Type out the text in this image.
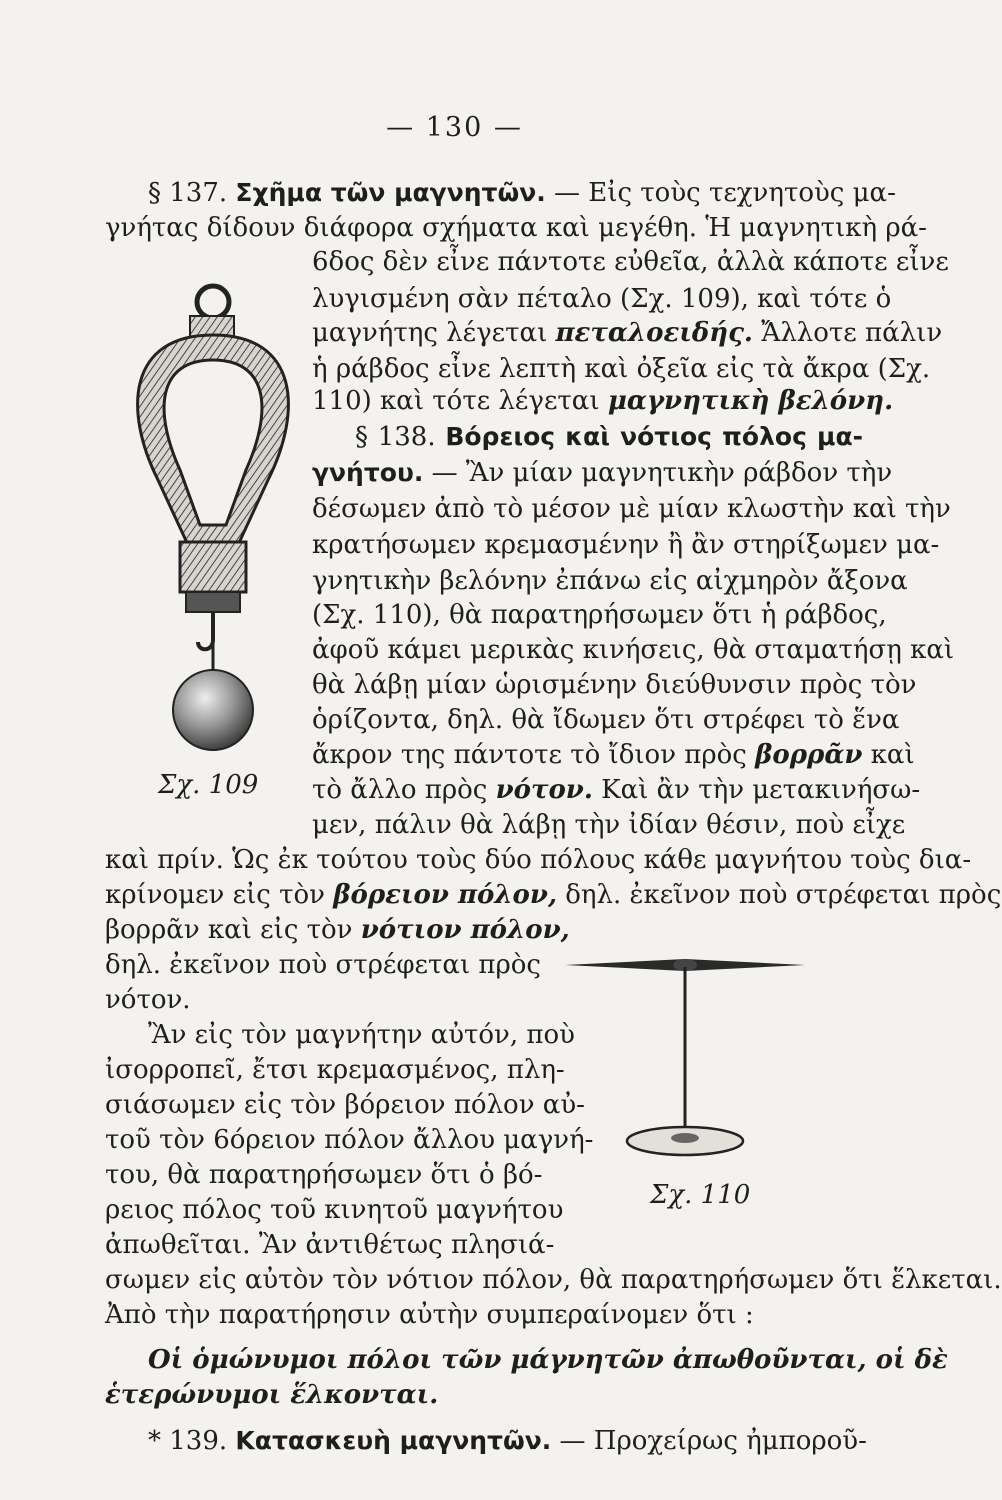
— 130 —
§ 137. Σχῆμα τῶν μαγνητῶν. — Εἰς τοὺς τεχνητοὺς μα-
γνήτας δίδουν διάφορα σχήματα καὶ μεγέθη. Ἡ μαγνητικὴ ρά-
6δος δὲν εἶνε πάντοτε εὐθεῖα, ἀλλὰ κάποτε εἶνε
λυγισμένη σὰν πέταλο (Σχ. 109), καὶ τότε ὁ
μαγνήτης λέγεται πεταλοειδής. Ἄλλοτε πάλιν
ἡ ράβδος εἶνε λεπτὴ καὶ ὀξεῖα εἰς τὰ ἄκρα (Σχ.
110) καὶ τότε λέγεται μαγνητικὴ βελόνη.
§ 138. Βόρειος καὶ νότιος πόλος μα-
γνήτου. — Ἂν μίαν μαγνητικὴν ράβδον τὴν
δέσωμεν ἀπὸ τὸ μέσον μὲ μίαν κλωστὴν καὶ τὴν
κρατήσωμεν κρεμασμένην ἢ ἂν στηρίξωμεν μα-
γνητικὴν βελόνην ἐπάνω εἰς αἰχμηρὸν ἄξονα
(Σχ. 110), θὰ παρατηρήσωμεν ὅτι ἡ ράβδος,
ἀφοῦ κάμει μερικὰς κινήσεις, θὰ σταματήσῃ καὶ
θὰ λάβῃ μίαν ὡρισμένην διεύθυνσιν πρὸς τὸν
ὁρίζοντα, δηλ. θὰ ἴδωμεν ὅτι στρέφει τὸ ἕνα
ἄκρον της πάντοτε τὸ ἴδιον πρὸς βορρᾶν καὶ
τὸ ἄλλο πρὸς νότον. Καὶ ἂν τὴν μετακινήσω-
μεν, πάλιν θὰ λάβῃ τὴν ἰδίαν θέσιν, ποὺ εἶχε
καὶ πρίν. Ὡς ἐκ τούτου τοὺς δύο πόλους κάθε μαγνήτου τοὺς δια-
κρίνομεν εἰς τὸν βόρειον πόλον, δηλ. ἐκεῖνον ποὺ στρέφεται πρὸς
βορρᾶν καὶ εἰς τὸν νότιον πόλον,
δηλ. ἐκεῖνον ποὺ στρέφεται πρὸς
νότον.
Ἂν εἰς τὸν μαγνήτην αὐτόν, ποὺ
ἰσορροπεῖ, ἔτσι κρεμασμένος, πλη-
σιάσωμεν εἰς τὸν βόρειον πόλον αὐ-
τοῦ τὸν 6όρειον πόλον ἄλλου μαγνή-
του, θὰ παρατηρήσωμεν ὅτι ὁ βό-
ρειος πόλος τοῦ κινητοῦ μαγνήτου
ἀπωθεῖται. Ἂν ἀντιθέτως πλησιά-
σωμεν εἰς αὐτὸν τὸν νότιον πόλον, θὰ παρατηρήσωμεν ὅτι ἕλκεται.
Ἀπὸ τὴν παρατήρησιν αὐτὴν συμπεραίνομεν ὅτι :
Οἱ ὁμώνυμοι πόλοι τῶν μάγνητῶν ἀπωθοῦνται, οἱ δὲ
ἑτερώνυμοι ἕλκονται.
* 139. Κατασκευὴ μαγνητῶν. — Προχείρως ἠμποροῦ-
Σχ. 109
Σχ. 110
